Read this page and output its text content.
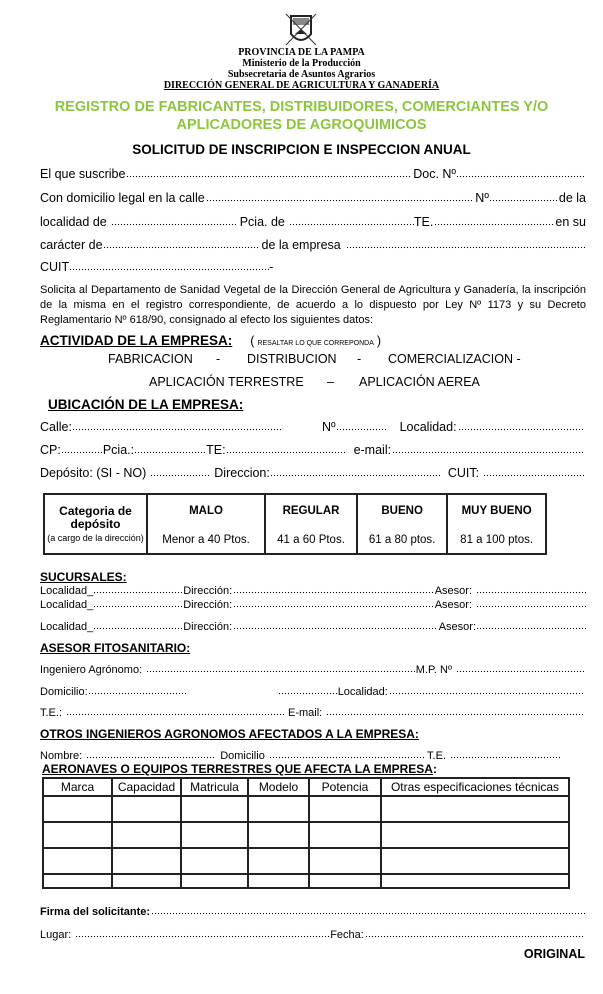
PROVINCIA DE LA PAMPA
Ministerio de la Producción
Subsecretaria de Asuntos Agrarios
DIRECCIÓN GENERAL DE AGRICULTURA Y GANADERÍA
REGISTRO DE FABRICANTES, DISTRIBUIDORES, COMERCIANTES Y/O
APLICADORES DE AGROQUIMICOS
SOLICITUD DE INSCRIPCION E INSPECCION ANUAL
El que suscribe	Doc. Nº
Con domicilio legal en la calle	Nº	de la
localidad de	Pcia. de	TE.	en su
carácter de	de la empresa
CUIT	-
Solicita al Departamento de Sanidad Vegetal de la Dirección General de Agricultura y Ganadería, la inscripción de la misma en el registro correspondiente, de acuerdo a lo dispuesto por Ley Nº 1173 y su Decreto Reglamentario Nº 618/90, consignado al efecto los siguientes datos:
ACTIVIDAD DE LA EMPRESA: ( RESALTAR LO QUE CORREPONDA )
FABRICACION - DISTRIBUCION - COMERCIALIZACION -
APLICACIÓN TERRESTRE – APLICACIÓN AEREA
UBICACIÓN DE LA EMPRESA:
Calle:	Nº	Localidad:
CP:	Pcia.:	TE:	e-mail:
Depósito: (SI - NO)	Direccion:	CUIT:
Categoria de depósito
(a cargo de la dirección)	MALO	REGULAR	BUENO	MUY BUENO
	Menor a 40 Ptos.	41 a 60 Ptos.	61 a 80 ptos.	81 a 100 ptos.
SUCURSALES:
Localidad_	Dirección:	Asesor:
Localidad_	Dirección:	Asesor:
Localidad_	Dirección:	Asesor:
ASESOR FITOSANITARIO:
Ingeniero Agrónomo:	M.P. Nº
Domicilio:	Localidad:
T.E.:	E-mail:
OTROS INGENIEROS AGRONOMOS AFECTADOS A LA EMPRESA:
Nombre:	Domicilio	T.E.
AERONAVES O EQUIPOS TERRESTRES QUE AFECTA LA EMPRESA:
Marca	Capacidad	Matricula	Modelo	Potencia	Otras especificaciones técnicas

Firma del solicitante:
Lugar:	Fecha:
ORIGINAL
